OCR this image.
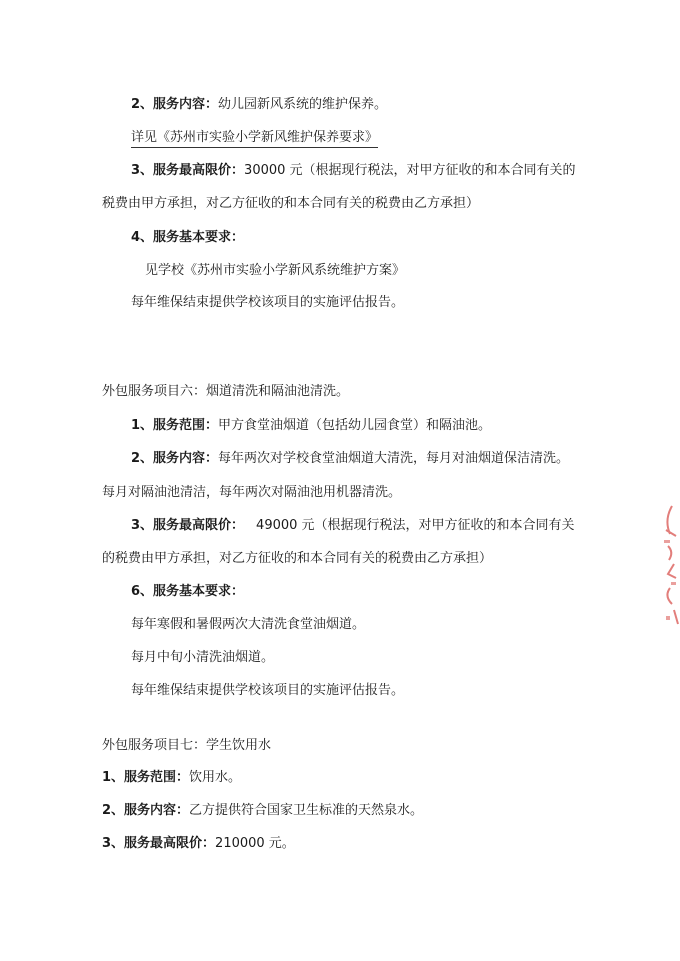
2、服务内容：幼儿园新风系统的维护保养。
详见《苏州市实验小学新风维护保养要求》
3、服务最高限价：30000 元（根据现行税法，对甲方征收的和本合同有关的
税费由甲方承担，对乙方征收的和本合同有关的税费由乙方承担）
4、服务基本要求：
见学校《苏州市实验小学新风系统维护方案》
每年维保结束提供学校该项目的实施评估报告。
外包服务项目六：烟道清洗和隔油池清洗。
1、服务范围：甲方食堂油烟道（包括幼儿园食堂）和隔油池。
2、服务内容：每年两次对学校食堂油烟道大清洗，每月对油烟道保洁清洗。
每月对隔油池清洁，每年两次对隔油池用机器清洗。
3、服务最高限价： 49000 元（根据现行税法，对甲方征收的和本合同有关
的税费由甲方承担，对乙方征收的和本合同有关的税费由乙方承担）
6、服务基本要求：
每年寒假和暑假两次大清洗食堂油烟道。
每月中旬小清洗油烟道。
每年维保结束提供学校该项目的实施评估报告。
外包服务项目七：学生饮用水
1、服务范围：饮用水。
2、服务内容：乙方提供符合国家卫生标准的天然泉水。
3、服务最高限价：210000 元。
